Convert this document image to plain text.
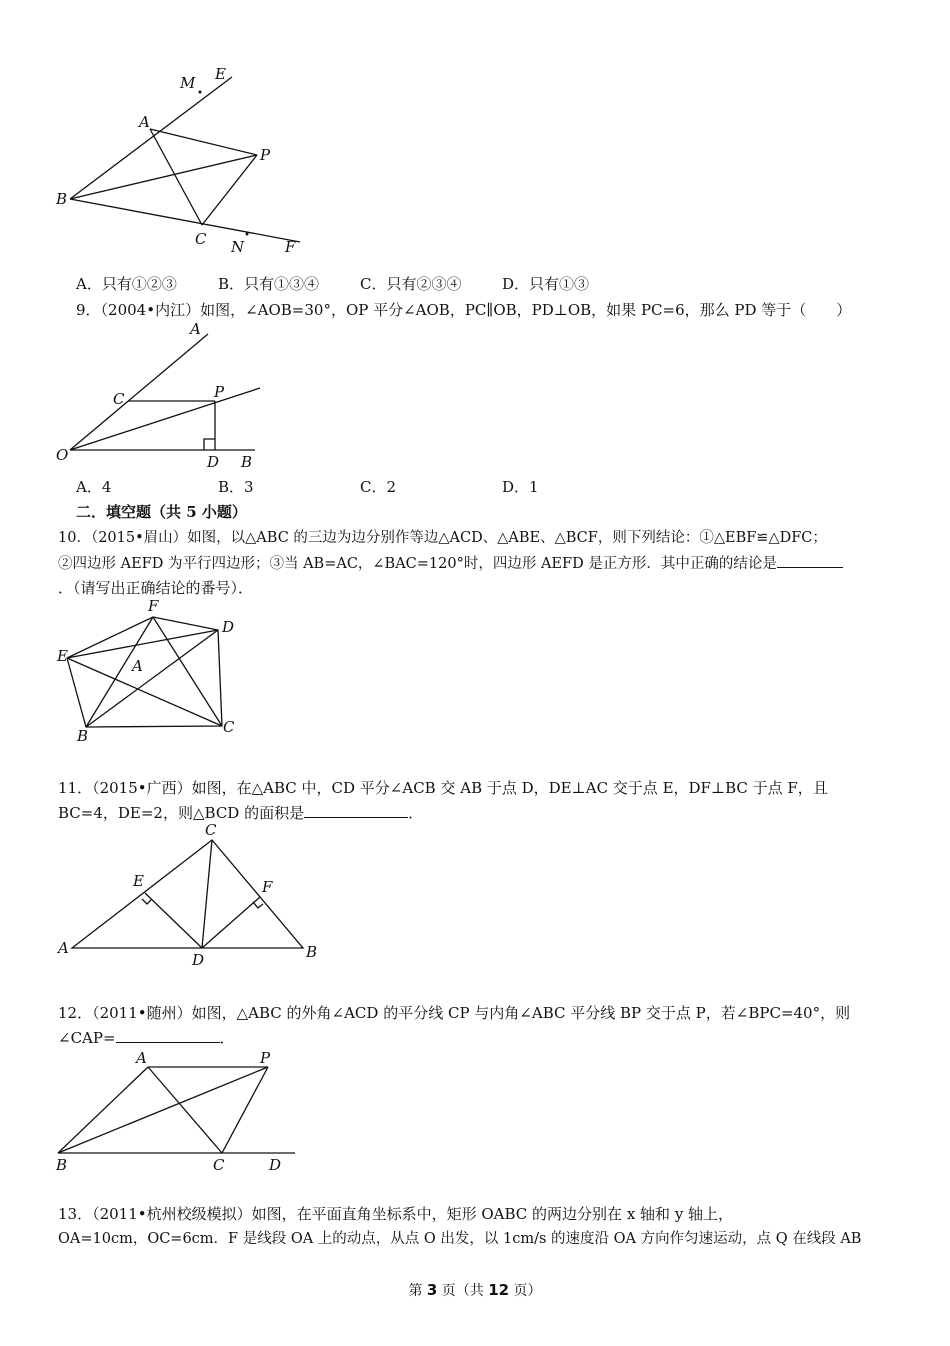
M E
A
P
B
C N	F
A．只有①②③	B．只有①③④	C．只有②③④	D．只有①③
9．（2004•内江）如图，∠AOB=30°，OP 平分∠AOB，PC∥OB，PD⊥OB，如果 PC=6，那么 PD 等于（　　）
A
C	P
O	D B
A．4	B．3	C．2	D．1
二．填空题（共 5 小题）
10．（2015•眉山）如图，以△ABC 的三边为边分别作等边△ACD、△ABE、△BCF，则下列结论：①△EBF≌△DFC；
②四边形 AEFD 为平行四边形；③当 AB=AC，∠BAC=120°时，四边形 AEFD 是正方形．其中正确的结论是
．（请写出正确结论的番号）．
F
D
E
A
B	C
11．（2015•广西）如图，在△ABC 中，CD 平分∠ACB 交 AB 于点 D，DE⊥AC 交于点 E，DF⊥BC 于点 F，且
BC=4，DE=2，则△BCD 的面积是	．
C
E	F
A
D	B
12．（2011•随州）如图，△ABC 的外角∠ACD 的平分线 CP 与内角∠ABC 平分线 BP 交于点 P，若∠BPC=40°，则
∠CAP=	．
A	P
B	C	D
13．（2011•杭州校级模拟）如图，在平面直角坐标系中，矩形 OABC 的两边分别在 x 轴和 y 轴上，
OA=10cm，OC=6cm．F 是线段 OA 上的动点，从点 O 出发，以 1cm/s 的速度沿 OA 方向作匀速运动，点 Q 在线段 AB
第 3 页（共 12 页）
